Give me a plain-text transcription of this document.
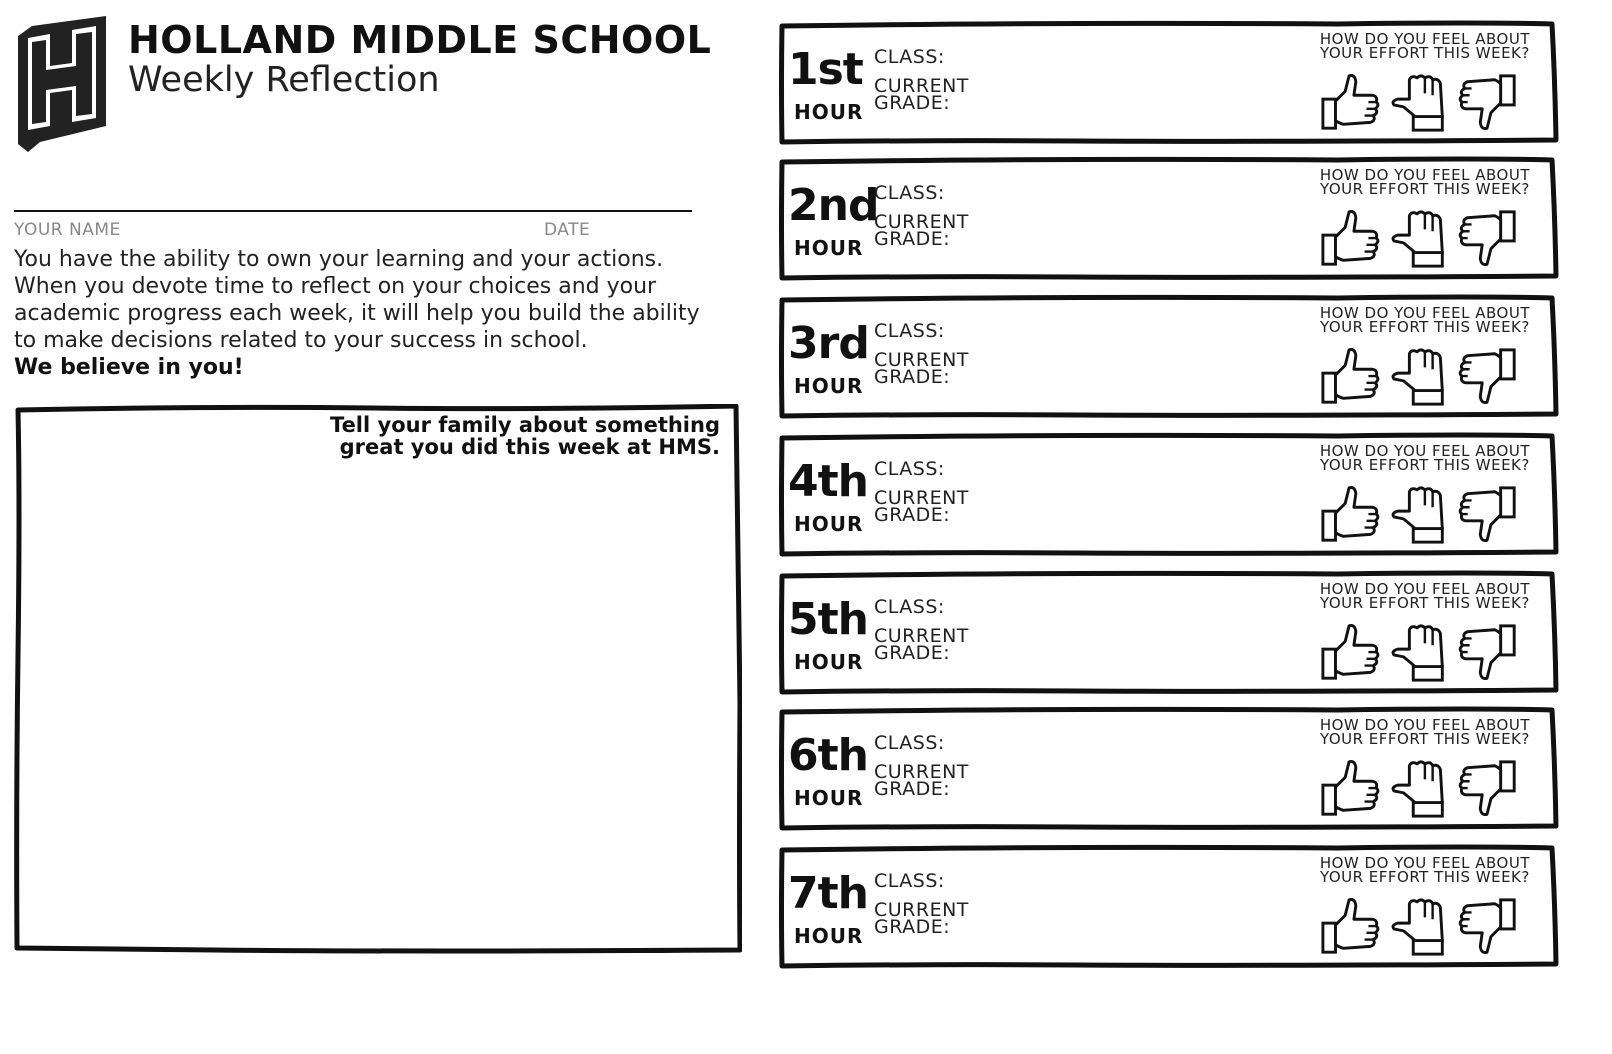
HOLLAND MIDDLE SCHOOL
Weekly Reflection
YOUR NAME	DATE
You have the ability to own your learning and your actions.
When you devote time to reflect on your choices and your
academic progress each week, it will help you build the ability
to make decisions related to your success in school.
We believe in you!
Tell your family about something
great you did this week at HMS.
1st
HOUR
CLASS:
CURRENT
GRADE:
HOW DO YOU FEEL ABOUT
YOUR EFFORT THIS WEEK?
2nd
HOUR
CLASS:
CURRENT
GRADE:
HOW DO YOU FEEL ABOUT
YOUR EFFORT THIS WEEK?
3rd
HOUR
CLASS:
CURRENT
GRADE:
HOW DO YOU FEEL ABOUT
YOUR EFFORT THIS WEEK?
4th
HOUR
CLASS:
CURRENT
GRADE:
HOW DO YOU FEEL ABOUT
YOUR EFFORT THIS WEEK?
5th
HOUR
CLASS:
CURRENT
GRADE:
HOW DO YOU FEEL ABOUT
YOUR EFFORT THIS WEEK?
6th
HOUR
CLASS:
CURRENT
GRADE:
HOW DO YOU FEEL ABOUT
YOUR EFFORT THIS WEEK?
7th
HOUR
CLASS:
CURRENT
GRADE:
HOW DO YOU FEEL ABOUT
YOUR EFFORT THIS WEEK?
